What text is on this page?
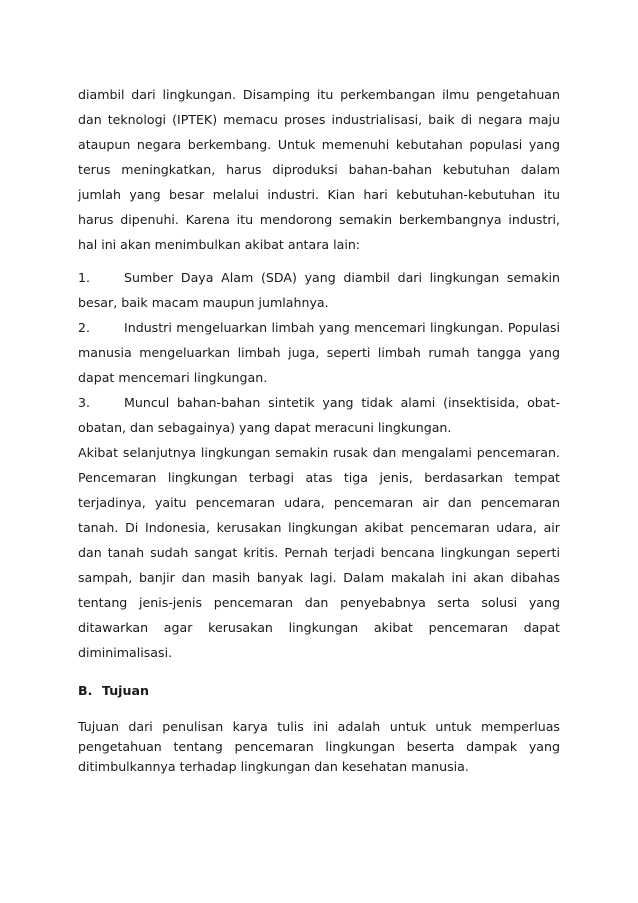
diambil dari lingkungan. Disamping itu perkembangan ilmu pengetahuan dan teknologi (IPTEK) memacu proses industrialisasi, baik di negara maju ataupun negara berkembang. Untuk memenuhi kebutahan populasi yang terus meningkatkan, harus diproduksi bahan-bahan kebutuhan dalam jumlah yang besar melalui industri. Kian hari kebutuhan-kebutuhan itu harus dipenuhi. Karena itu mendorong semakin berkembangnya industri, hal ini akan menimbulkan akibat antara lain:

1.	Sumber Daya Alam (SDA) yang diambil dari lingkungan semakin besar, baik macam maupun jumlahnya.

2.	Industri mengeluarkan limbah yang mencemari lingkungan. Populasi manusia mengeluarkan limbah juga, seperti limbah rumah tangga yang dapat mencemari lingkungan.

3.	Muncul bahan-bahan sintetik yang tidak alami (insektisida, obat-obatan, dan sebagainya) yang dapat meracuni lingkungan.

Akibat selanjutnya lingkungan semakin rusak dan mengalami pencemaran. Pencemaran lingkungan terbagi atas tiga jenis, berdasarkan tempat terjadinya, yaitu pencemaran udara, pencemaran air dan pencemaran tanah. Di Indonesia, kerusakan lingkungan akibat pencemaran udara, air dan tanah sudah sangat kritis. Pernah terjadi bencana lingkungan seperti sampah, banjir dan masih banyak lagi. Dalam makalah ini akan dibahas tentang jenis-jenis pencemaran dan penyebabnya serta solusi yang ditawarkan agar kerusakan lingkungan akibat pencemaran dapat diminimalisasi.

B. Tujuan

Tujuan dari penulisan karya tulis ini adalah untuk untuk memperluas pengetahuan tentang pencemaran lingkungan beserta dampak yang ditimbulkannya terhadap lingkungan dan kesehatan manusia.
